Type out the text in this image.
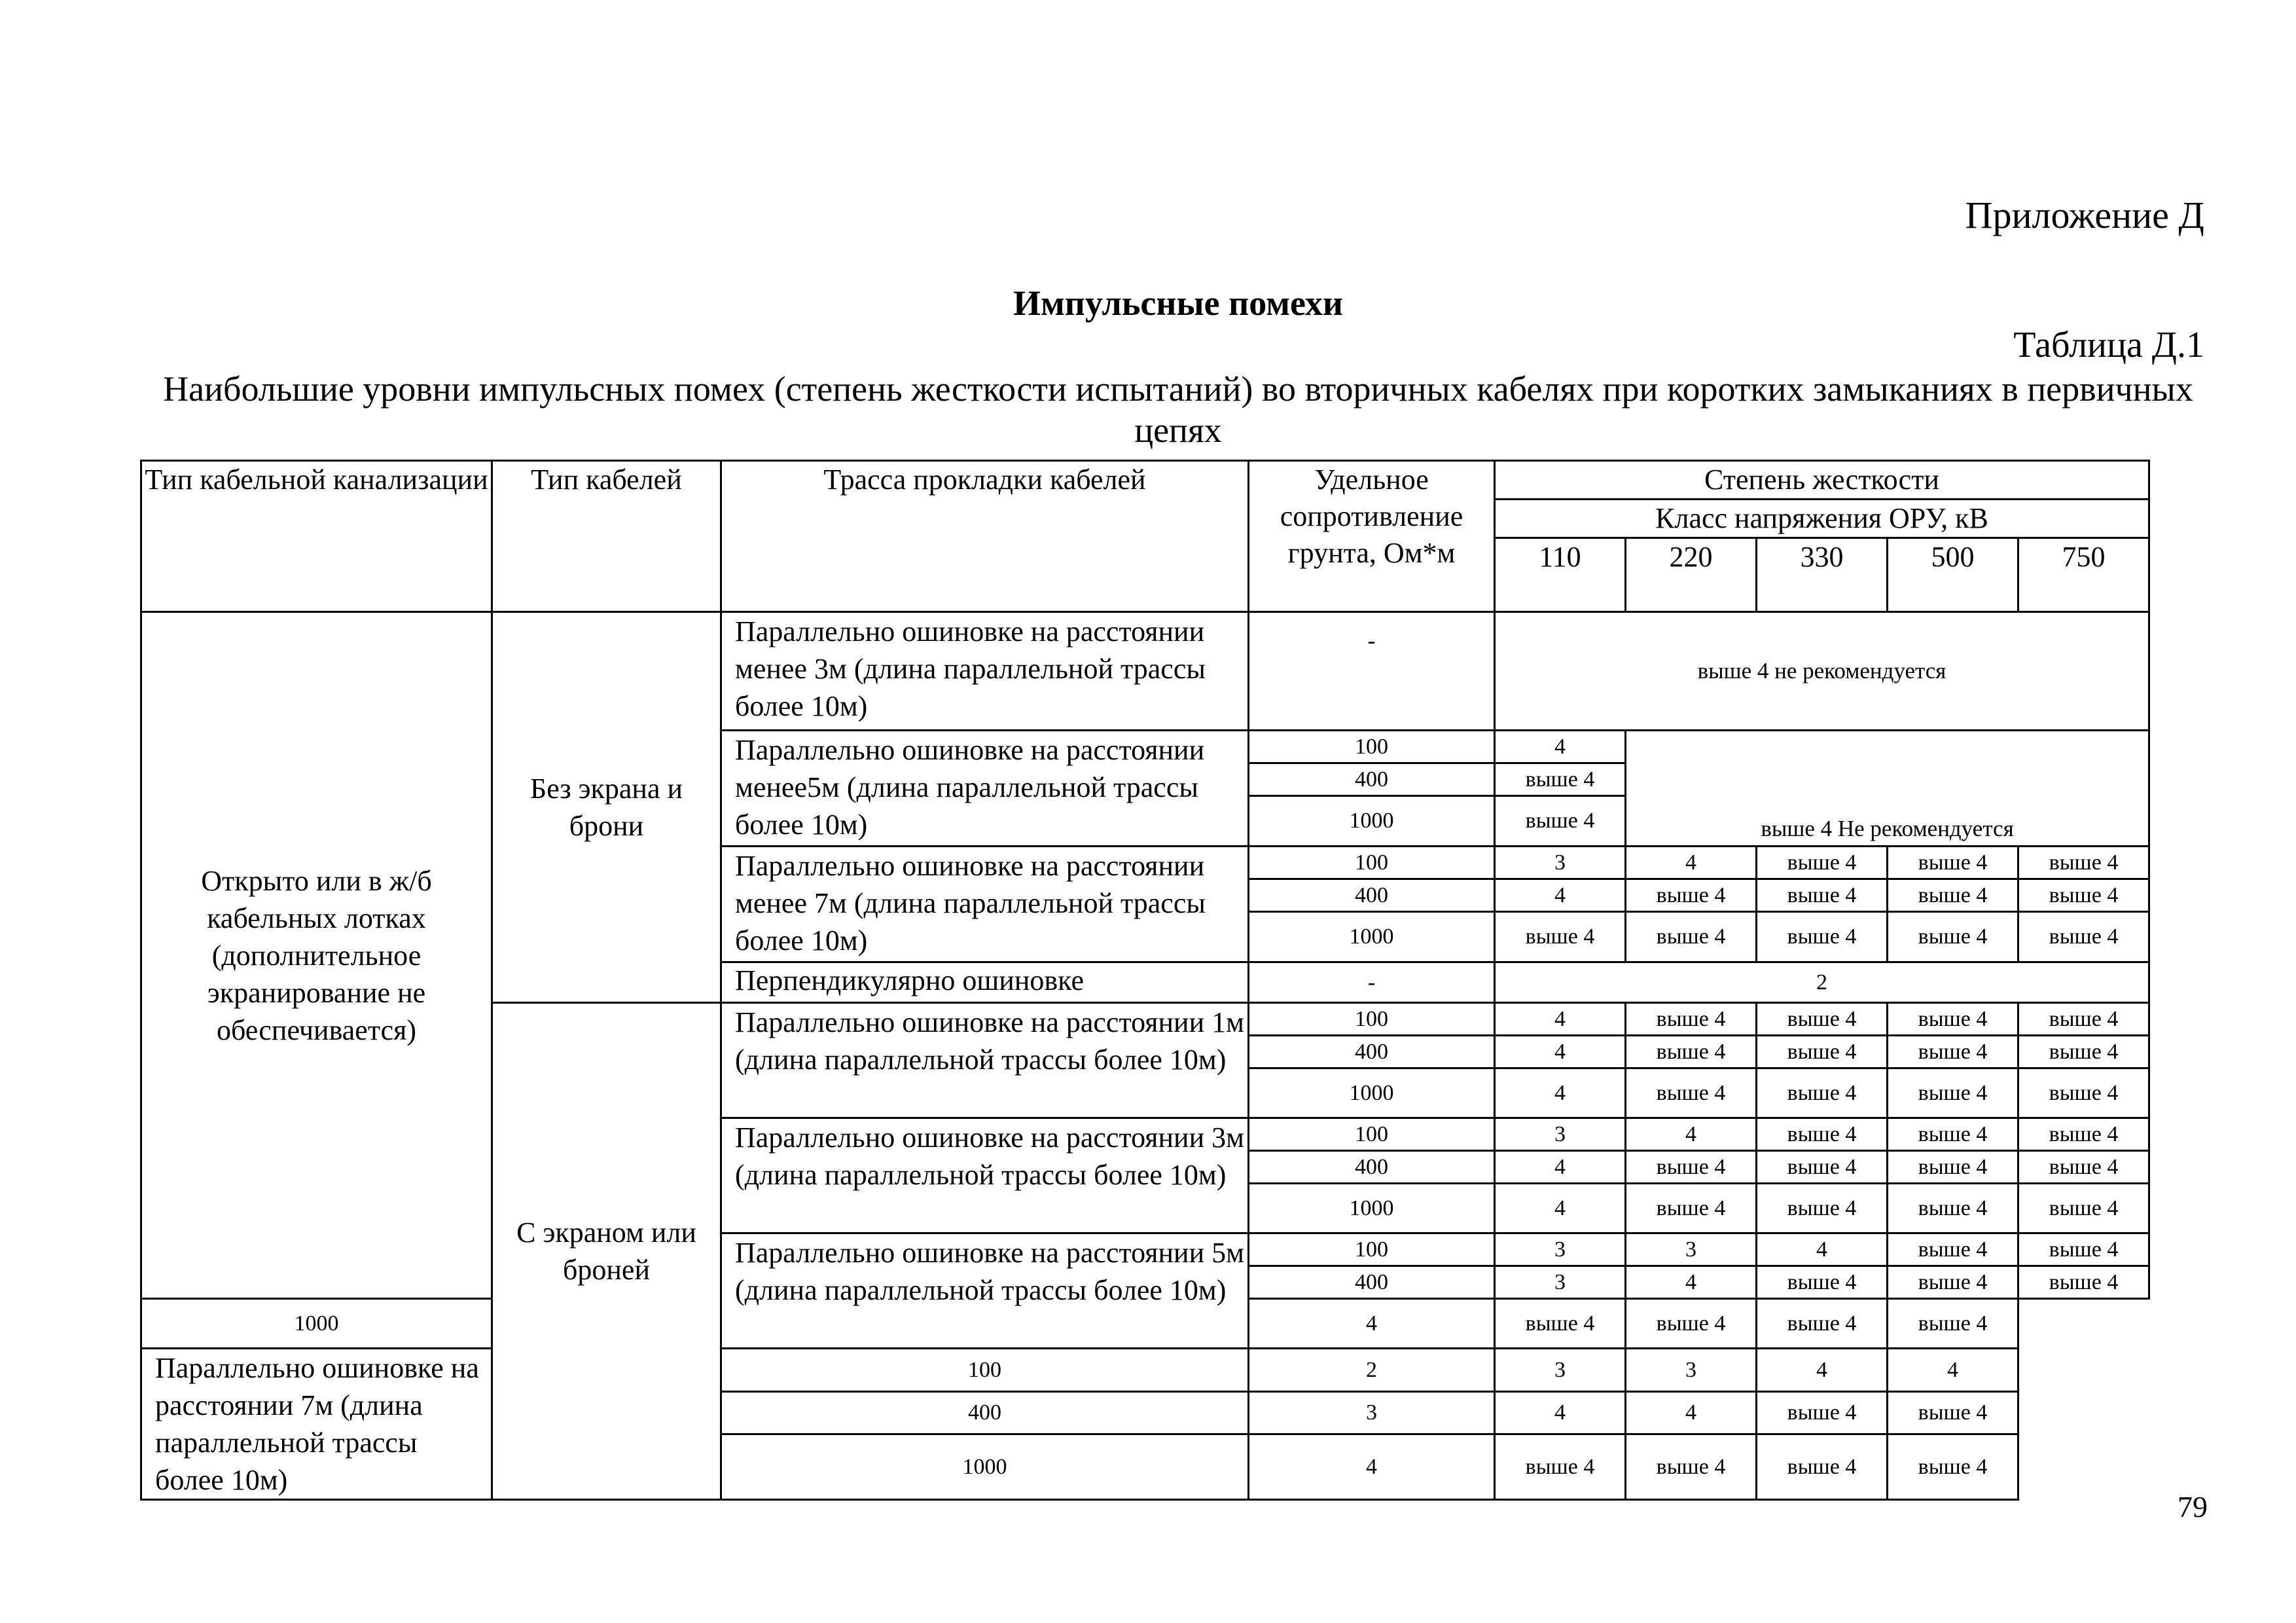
Приложение Д
Импульсные помехи
Таблица Д.1
Наибольшие уровни импульсных помех (степень жесткости испытаний) во вторичных кабелях при коротких замыканиях в первичных цепях
Тип кабельной канализации	Тип кабелей	Трасса прокладки кабелей	Удельное сопротивление грунта, Ом*м	Степень жесткости				
				Класс напряжения ОРУ, кВ				
				110	220	330	500	750
Открыто или в ж/б кабельных лотках (дополнительное экранирование не обеспечивается)	Без экрана и брони	Параллельно ошиновке на расстоянии менее 3м (длина параллельной трассы более 10м)	-	выше 4 не рекомендуется				
		Параллельно ошиновке на расстоянии менее5м (длина параллельной трассы более 10м)	100	4	выше 4 Не рекомендуется			
			400	выше 4				
			1000	выше 4				
		Параллельно ошиновке на расстоянии менее 7м (длина параллельной трассы более 10м)	100	3	4	выше 4	выше 4	выше 4
			400	4	выше 4	выше 4	выше 4	выше 4
			1000	выше 4	выше 4	выше 4	выше 4	выше 4
		Перпендикулярно ошиновке	-	2				
	С экраном или броней	Параллельно ошиновке на расстоянии 1м (длина параллельной трассы более 10м)	100	4	выше 4	выше 4	выше 4	выше 4
			400	4	выше 4	выше 4	выше 4	выше 4
			1000	4	выше 4	выше 4	выше 4	выше 4
		Параллельно ошиновке на расстоянии 3м (длина параллельной трассы более 10м)	100	3	4	выше 4	выше 4	выше 4
			400	4	выше 4	выше 4	выше 4	выше 4
			1000	4	выше 4	выше 4	выше 4	выше 4
		Параллельно ошиновке на расстоянии 5м (длина параллельной трассы более 10м)	100	3	3	4	выше 4	выше 4
			400	3	4	выше 4	выше 4	выше 4
1000			4	выше 4	выше 4	выше 4	выше 4	
Параллельно ошиновке на расстоянии 7м (длина параллельной трассы более 10м)		100	2	3	3	4	4	
		400	3	4	4	выше 4	выше 4	
		1000	4	выше 4	выше 4	выше 4	выше 4	
79
